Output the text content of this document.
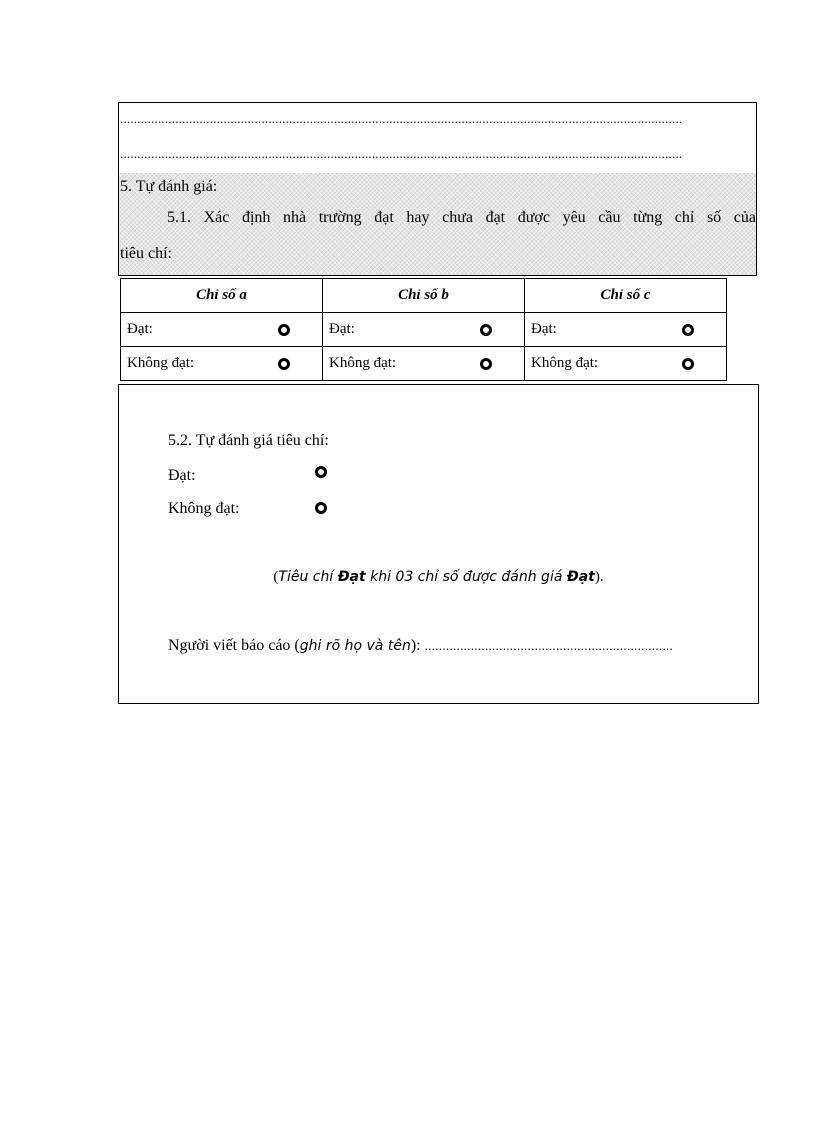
...................................................................................................................................................................
...................................................................................................................................................................
5. Tự đánh giá:
5.1. Xác định nhà trường đạt hay chưa đạt được yêu cầu từng chỉ số của
tiêu chí:
Chỉ số a	Chỉ số b	Chỉ số c
Đạt:	Đạt:	Đạt:

Không đạt:	Không đạt:	Không đạt:
5.2. Tự đánh giá tiêu chí:
Đạt:
Không đạt:
(Tiêu chí Đạt khi 03 chỉ số được đánh giá Đạt).
Người viết báo cáo (ghi rõ họ và tên): ......................................................................
